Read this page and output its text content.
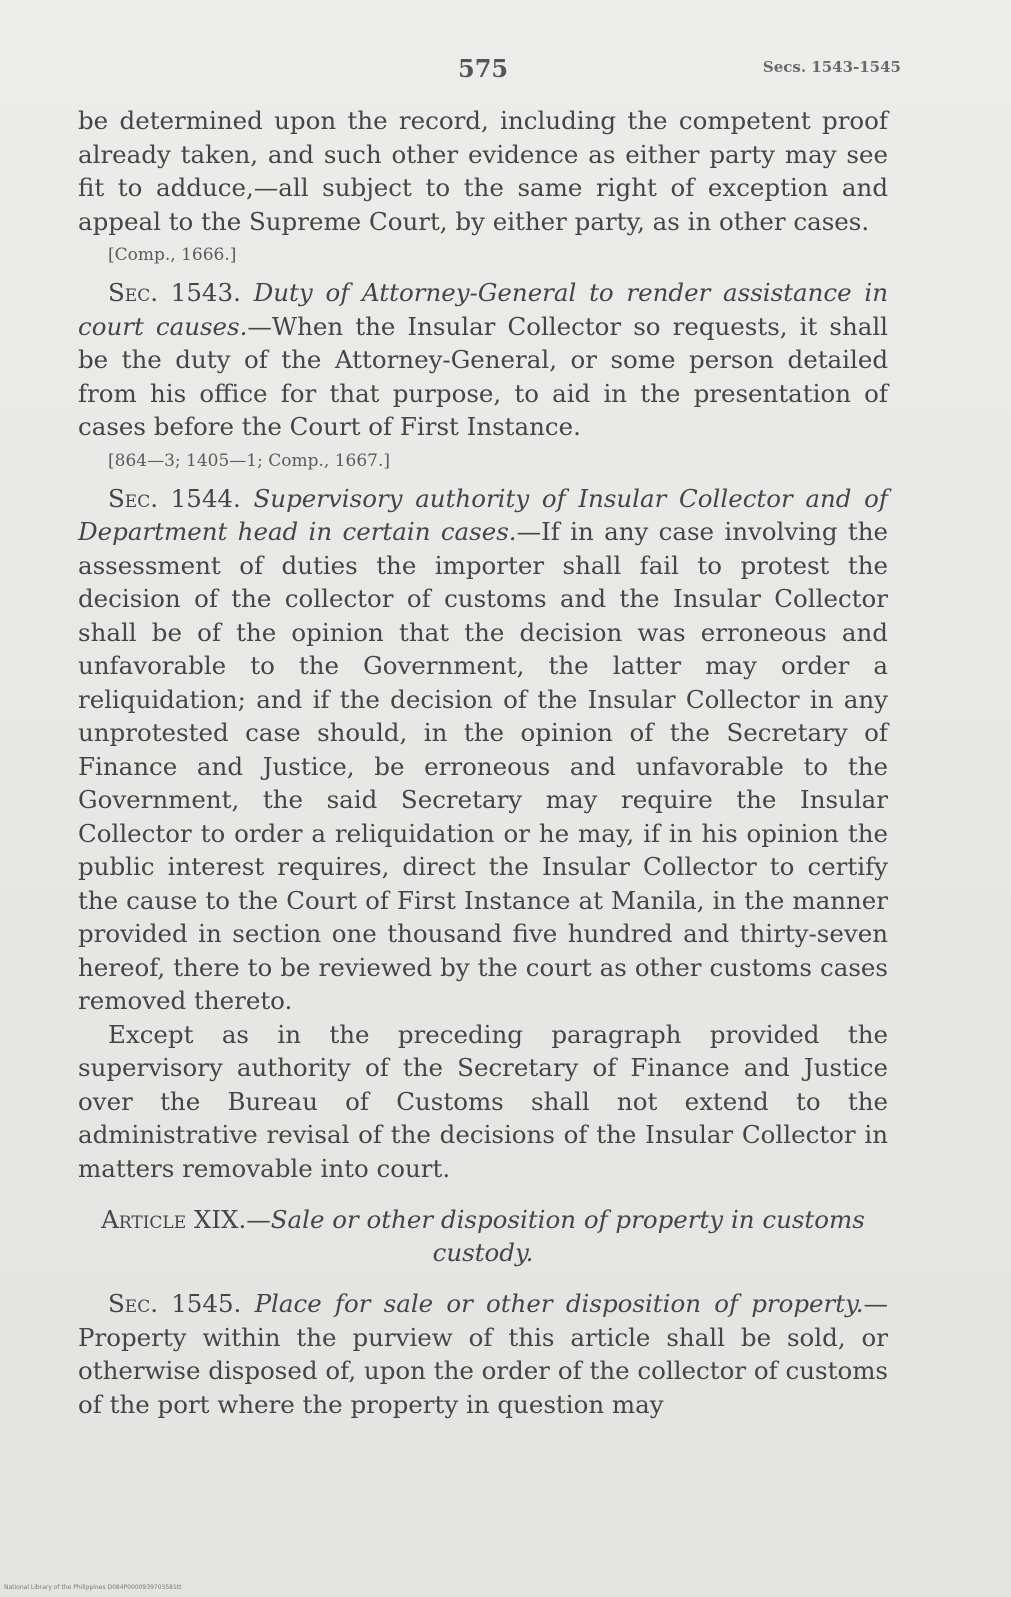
575	Secs. 1543-1545

be determined upon the record, including the competent proof already taken, and such other evidence as either party may see fit to adduce,—all subject to the same right of exception and appeal to the Supreme Court, by either party, as in other cases.

[Comp., 1666.]

Sec. 1543. Duty of Attorney-General to render assistance in court causes.—When the Insular Collector so requests, it shall be the duty of the Attorney-General, or some person detailed from his office for that purpose, to aid in the presentation of cases before the Court of First Instance.

[864—3; 1405—1; Comp., 1667.]

Sec. 1544. Supervisory authority of Insular Collector and of Department head in certain cases.—If in any case involving the assessment of duties the importer shall fail to protest the decision of the collector of customs and the Insular Collector shall be of the opinion that the decision was erroneous and unfavorable to the Government, the latter may order a reliquidation; and if the decision of the Insular Collector in any unprotested case should, in the opinion of the Secretary of Finance and Justice, be erroneous and unfavorable to the Government, the said Secretary may require the Insular Collector to order a reliquidation or he may, if in his opinion the public interest requires, direct the Insular Collector to certify the cause to the Court of First Instance at Manila, in the manner provided in section one thousand five hundred and thirty-seven hereof, there to be reviewed by the court as other customs cases removed thereto.

Except as in the preceding paragraph provided the supervisory authority of the Secretary of Finance and Justice over the Bureau of Customs shall not extend to the administrative revisal of the decisions of the Insular Collector in matters removable into court.

Article XIX.—Sale or other disposition of property in customs custody.

Sec. 1545. Place for sale or other disposition of property.—Property within the purview of this article shall be sold, or otherwise disposed of, upon the order of the collector of customs of the port where the property in question may

National Library of the Philippines D084P0000939703581tt
